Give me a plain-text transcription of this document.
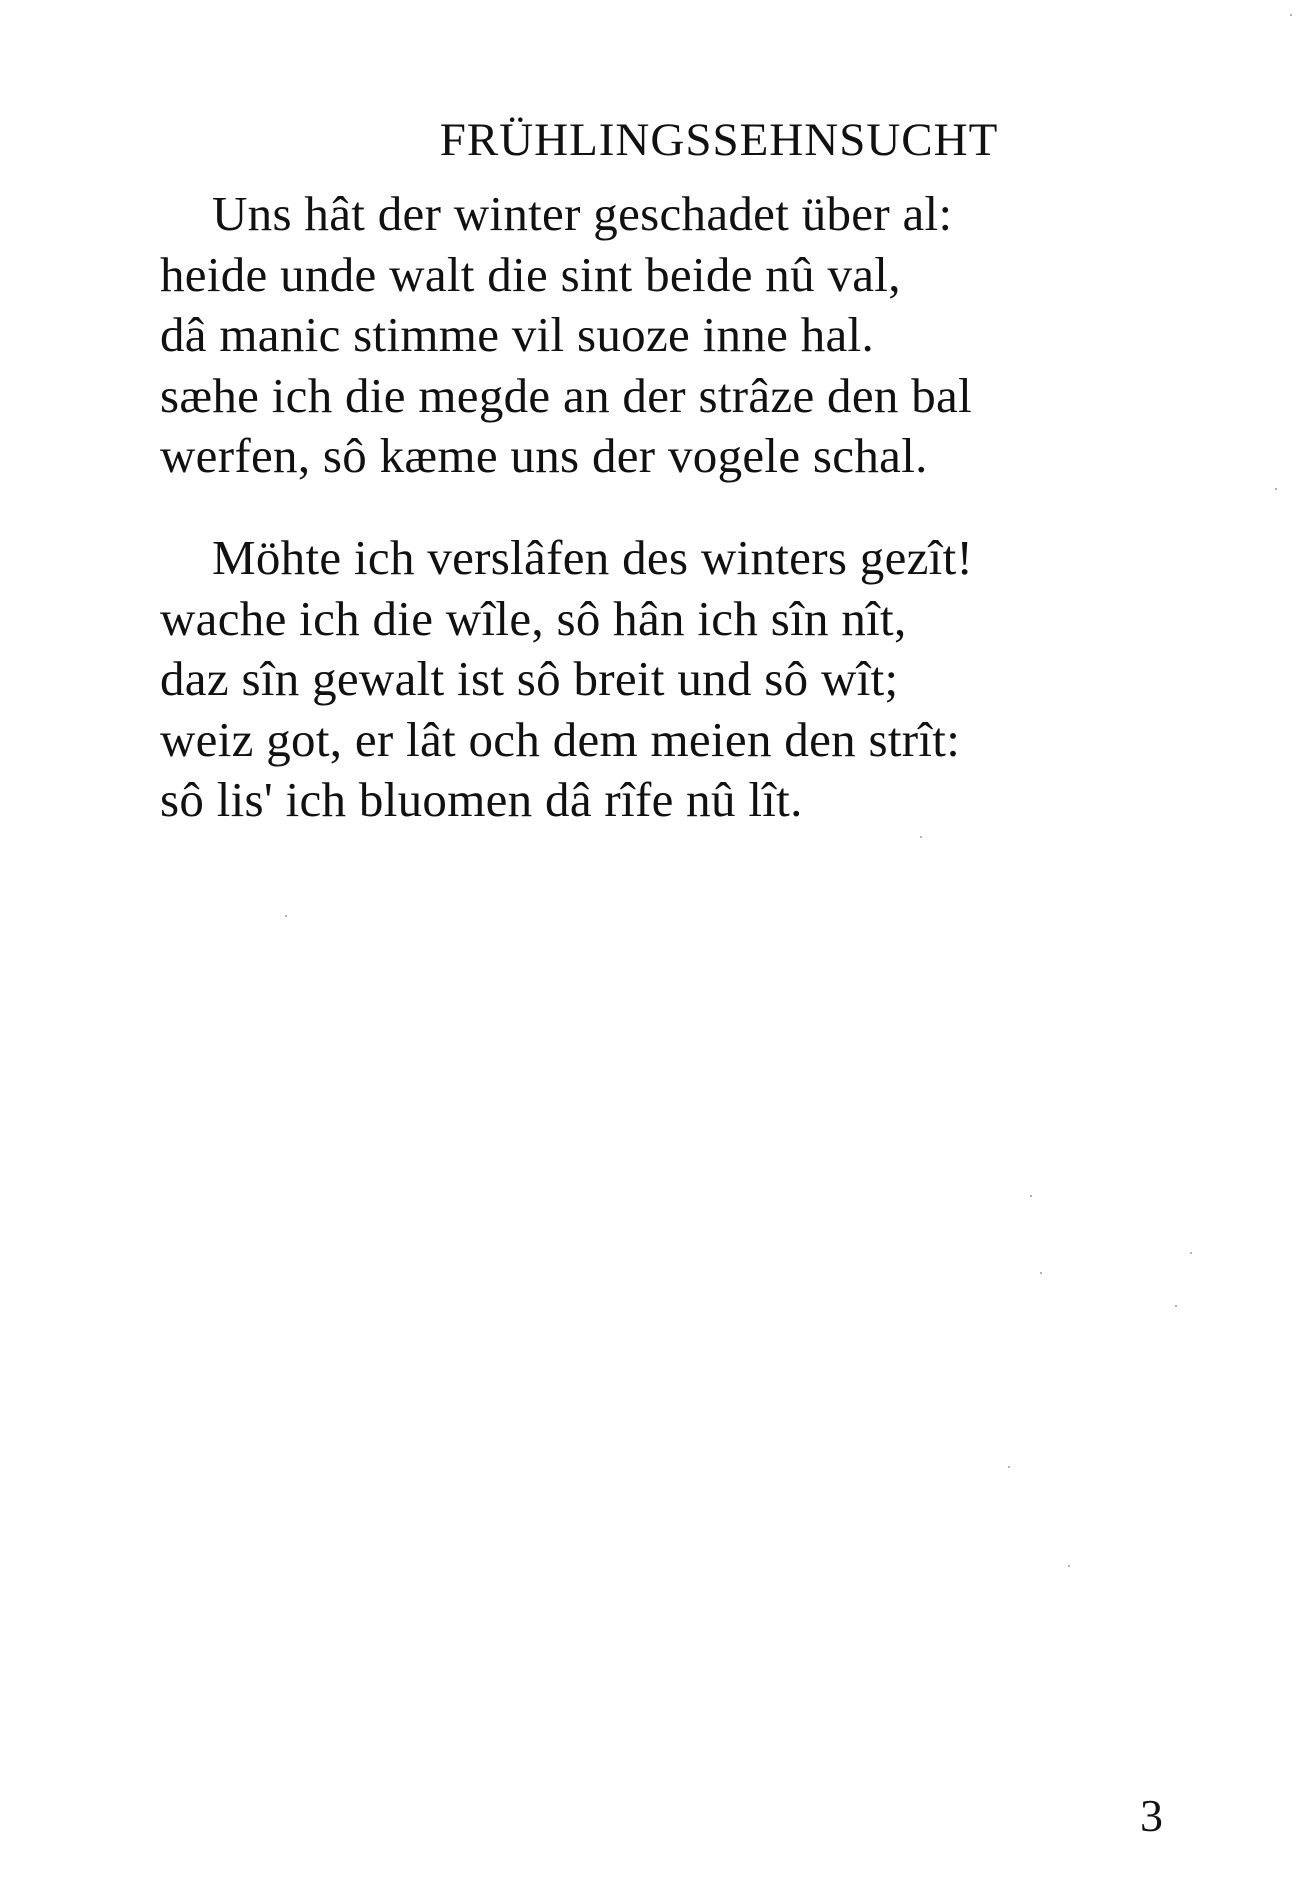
FRÜHLINGSSEHNSUCHT
Uns hât der winter geschadet über al:
heide unde walt die sint beide nû val,
dâ manic stimme vil suoze inne hal.
sæhe ich die megde an der strâze den bal
werfen, sô kæme uns der vogele schal.
Möhte ich verslâfen des winters gezît!
wache ich die wîle, sô hân ich sîn nît,
daz sîn gewalt ist sô breit und sô wît;
weiz got, er lât och dem meien den strît:
sô lis' ich bluomen dâ rîfe nû lît.
3
